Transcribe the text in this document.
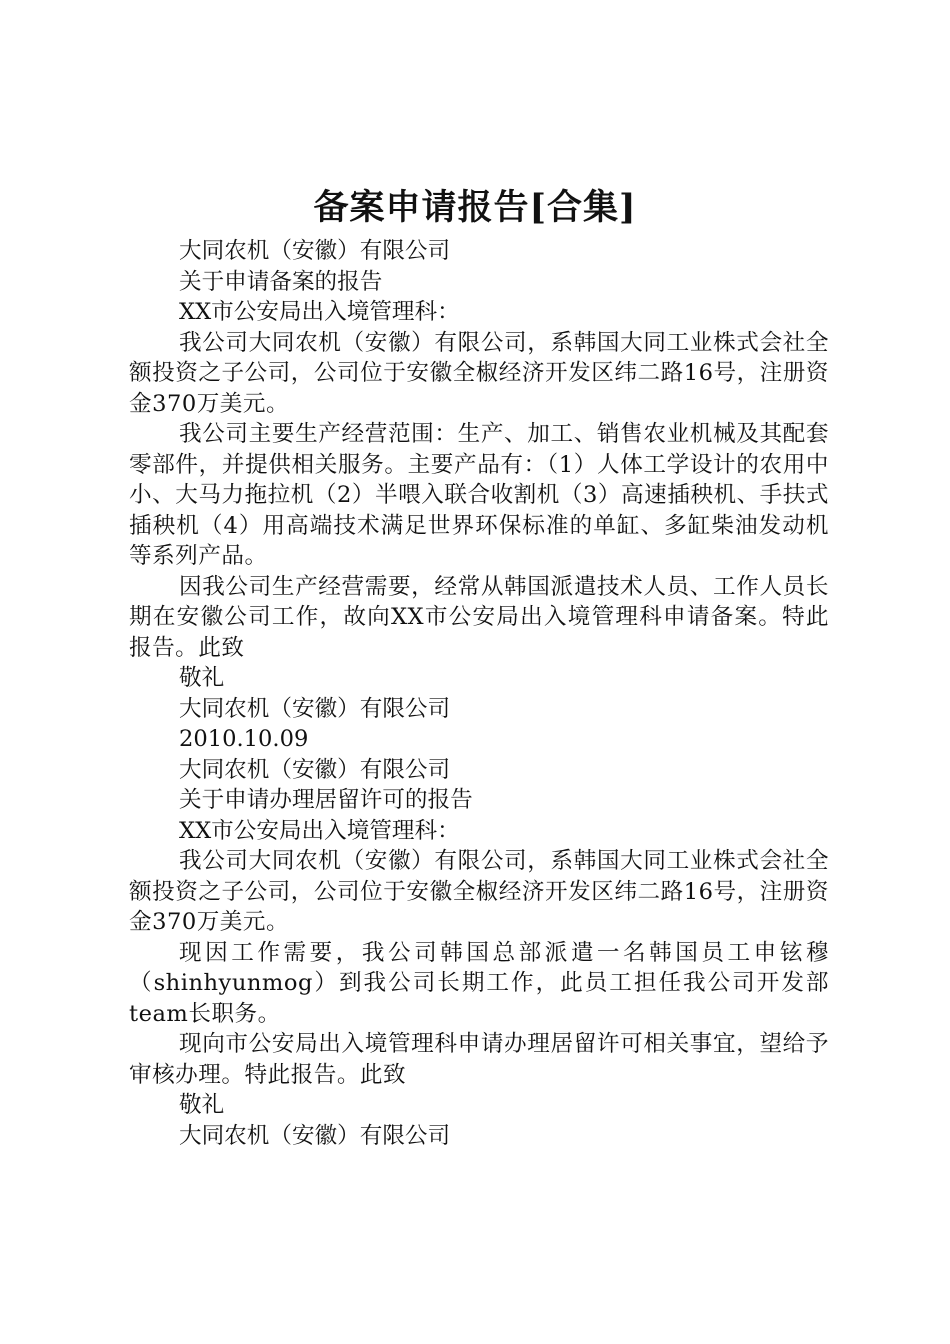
备案申请报告[合集]
大同农机（安徽）有限公司
关于申请备案的报告
XX市公安局出入境管理科：
我公司大同农机（安徽）有限公司，系韩国大同工业株式会社全额投资之子公司，公司位于安徽全椒经济开发区纬二路16号，注册资金370万美元。
我公司主要生产经营范围：生产、加工、销售农业机械及其配套零部件，并提供相关服务。主要产品有：（1）人体工学设计的农用中小、大马力拖拉机（2）半喂入联合收割机（3）高速插秧机、手扶式插秧机（4）用高端技术满足世界环保标准的单缸、多缸柴油发动机等系列产品。
因我公司生产经营需要，经常从韩国派遣技术人员、工作人员长期在安徽公司工作，故向XX市公安局出入境管理科申请备案。特此报告。此致
敬礼
大同农机（安徽）有限公司
2010.10.09
大同农机（安徽）有限公司
关于申请办理居留许可的报告
XX市公安局出入境管理科：
我公司大同农机（安徽）有限公司，系韩国大同工业株式会社全额投资之子公司，公司位于安徽全椒经济开发区纬二路16号，注册资金370万美元。
现因工作需要，我公司韩国总部派遣一名韩国员工申铉穆（shinhyunmog）到我公司长期工作，此员工担任我公司开发部team长职务。
现向市公安局出入境管理科申请办理居留许可相关事宜，望给予审核办理。特此报告。此致
敬礼
大同农机（安徽）有限公司
